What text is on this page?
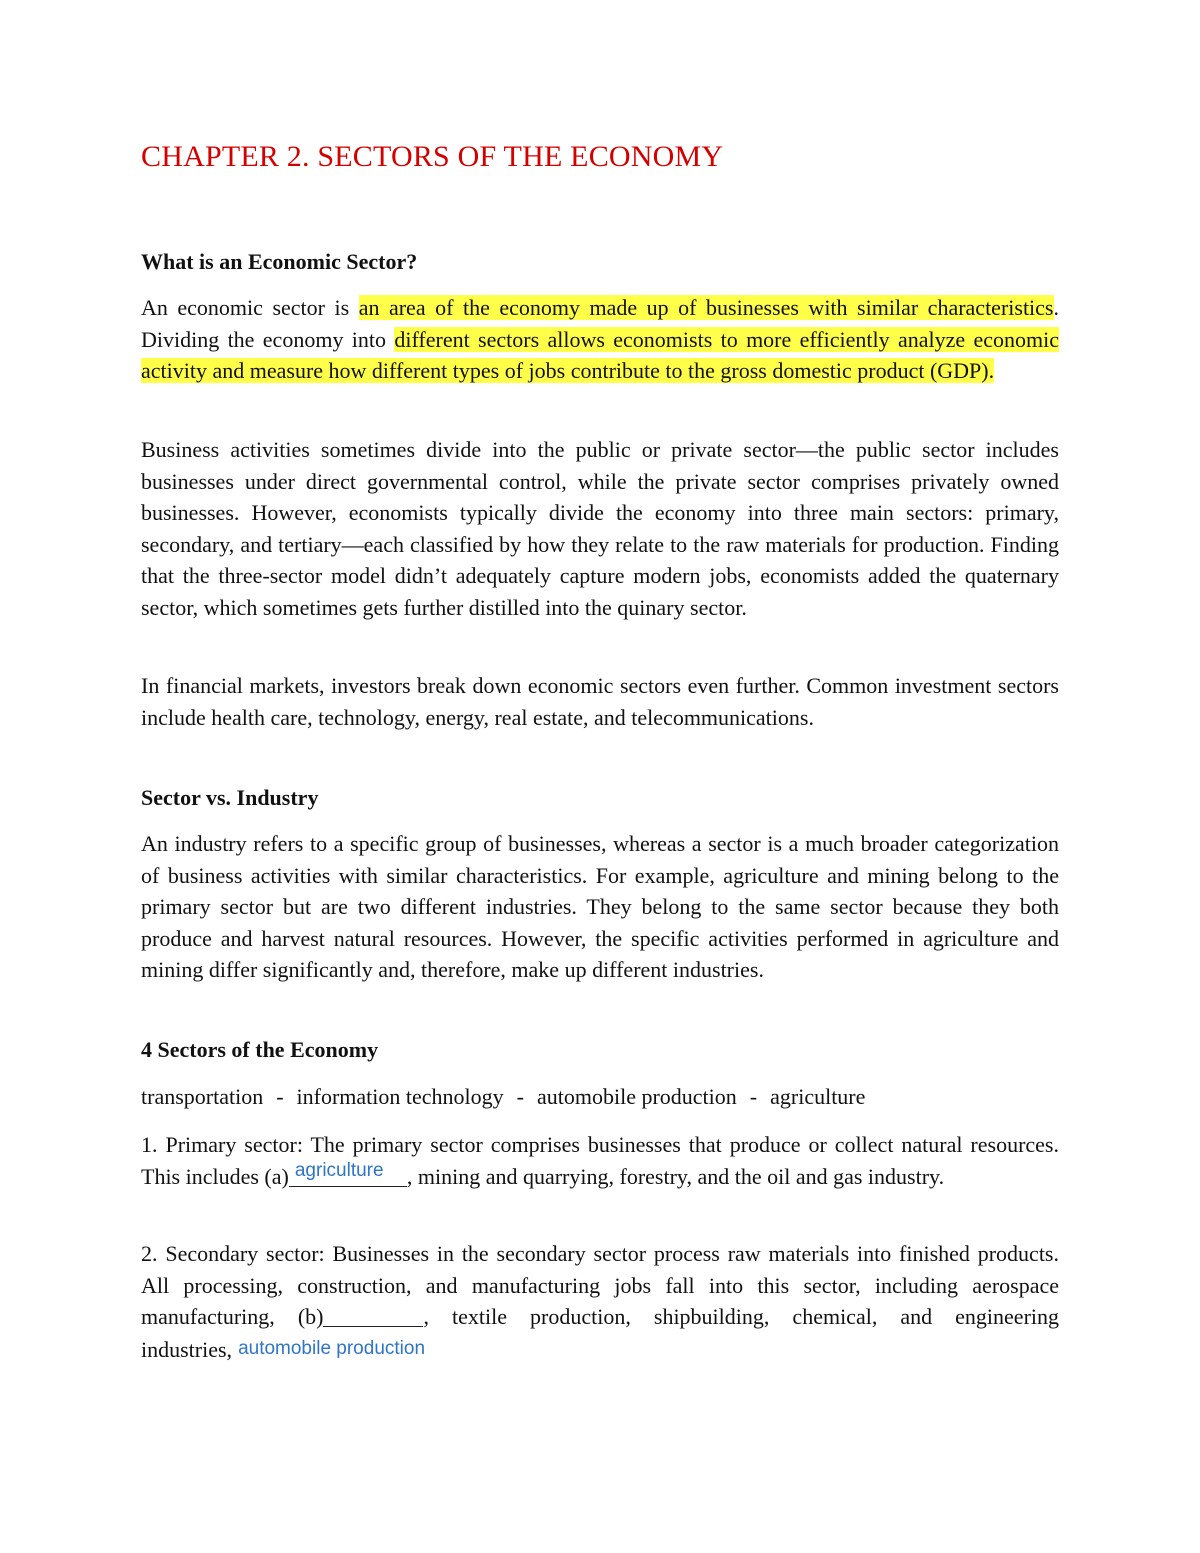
CHAPTER 2. SECTORS OF THE ECONOMY
What is an Economic Sector?

An economic sector is an area of the economy made up of businesses with similar characteristics. Dividing the economy into different sectors allows economists to more efficiently analyze economic activity and measure how different types of jobs contribute to the gross domestic product (GDP).

Business activities sometimes divide into the public or private sector—the public sector includes businesses under direct governmental control, while the private sector comprises privately owned businesses. However, economists typically divide the economy into three main sectors: primary, secondary, and tertiary—each classified by how they relate to the raw materials for production. Finding that the three-sector model didn’t adequately capture modern jobs, economists added the quaternary sector, which sometimes gets further distilled into the quinary sector.

In financial markets, investors break down economic sectors even further. Common investment sectors include health care, technology, energy, real estate, and telecommunications.

Sector vs. Industry

An industry refers to a specific group of businesses, whereas a sector is a much broader categorization of business activities with similar characteristics. For example, agriculture and mining belong to the primary sector but are two different industries. They belong to the same sector because they both produce and harvest natural resources. However, the specific activities performed in agriculture and mining differ significantly and, therefore, make up different industries.

4 Sectors of the Economy

transportation - information technology - automobile production - agriculture

1. Primary sector: The primary sector comprises businesses that produce or collect natural resources. This includes (a) agriculture , mining and quarrying, forestry, and the oil and gas industry.

2. Secondary sector: Businesses in the secondary sector process raw materials into finished products. All processing, construction, and manufacturing jobs fall into this sector, including aerospace manufacturing, (b)	, textile production, shipbuilding, chemical, and engineering industries, automobile production
